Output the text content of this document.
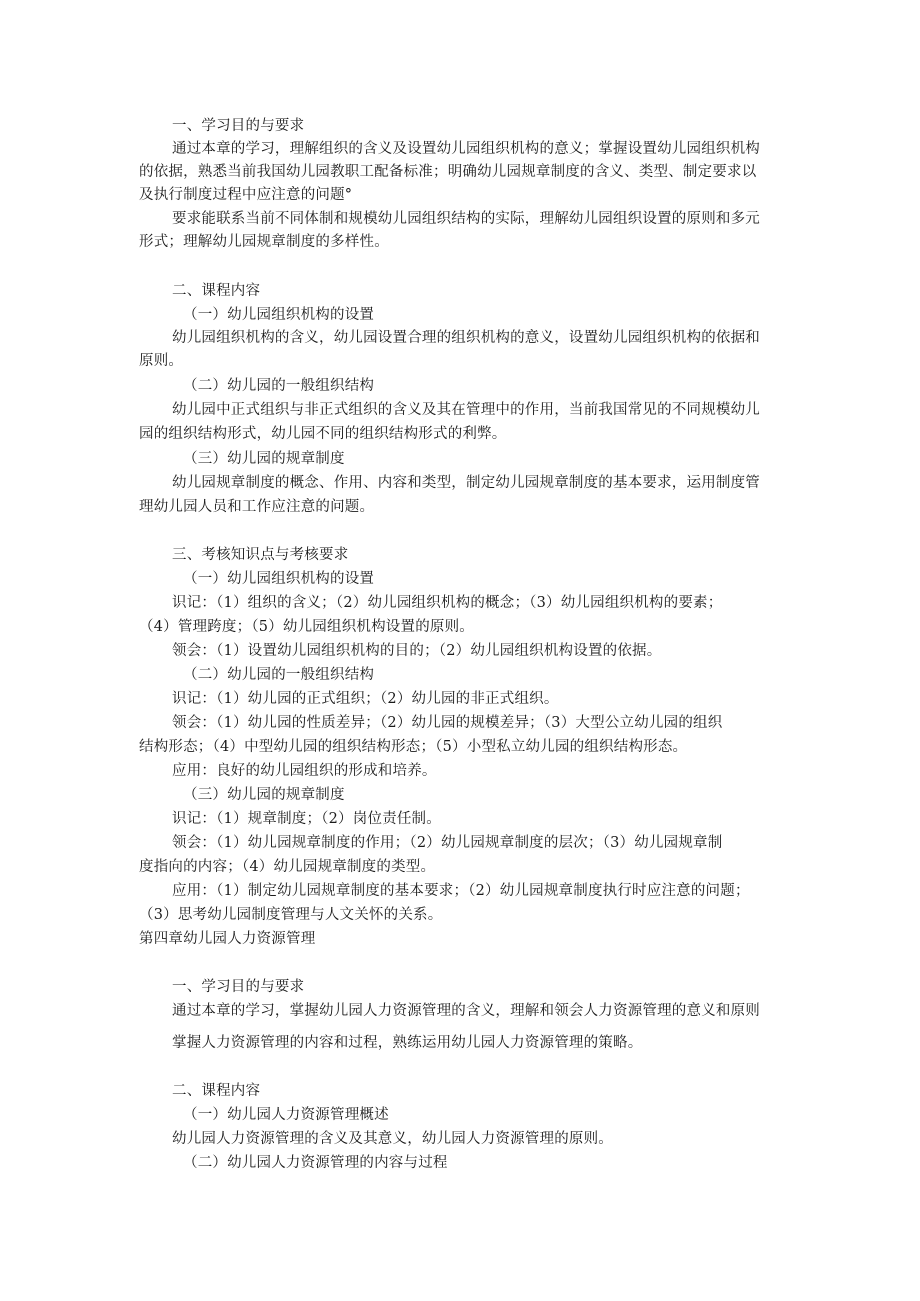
一、学习目的与要求
通过本章的学习，理解组织的含义及设置幼儿园组织机构的意义；掌握设置幼儿园组织机构
的依据，熟悉当前我国幼儿园教职工配备标准；明确幼儿园规章制度的含义、类型、制定要求以
及执行制度过程中应注意的问题°
要求能联系当前不同体制和规模幼儿园组织结构的实际，理解幼儿园组织设置的原则和多元
形式；理解幼儿园规章制度的多样性。
二、课程内容
（一）幼儿园组织机构的设置
幼儿园组织机构的含义，幼儿园设置合理的组织机构的意义，设置幼儿园组织机构的依据和
原则。
（二）幼儿园的一般组织结构
幼儿园中正式组织与非正式组织的含义及其在管理中的作用，当前我国常见的不同规模幼儿
园的组织结构形式，幼儿园不同的组织结构形式的利弊。
（三）幼儿园的规章制度
幼儿园规章制度的概念、作用、内容和类型，制定幼儿园规章制度的基本要求，运用制度管
理幼儿园人员和工作应注意的问题。
三、考核知识点与考核要求
（一）幼儿园组织机构的设置
识记：（1）组织的含义；（2）幼儿园组织机构的概念；（3）幼儿园组织机构的要素；
（4）管理跨度；（5）幼儿园组织机构设置的原则。
领会：（1）设置幼儿园组织机构的目的；（2）幼儿园组织机构设置的依据。
（二）幼儿园的一般组织结构
识记：（1）幼儿园的正式组织；（2）幼儿园的非正式组织。
领会：（1）幼儿园的性质差异；（2）幼儿园的规模差异；（3）大型公立幼儿园的组织
结构形态；（4）中型幼儿园的组织结构形态；（5）小型私立幼儿园的组织结构形态。
应用：良好的幼儿园组织的形成和培养。
（三）幼儿园的规章制度
识记：（1）规章制度；（2）岗位责任制。
领会：（1）幼儿园规章制度的作用；（2）幼儿园规章制度的层次；（3）幼儿园规章制
度指向的内容；（4）幼儿园规章制度的类型。
应用：（1）制定幼儿园规章制度的基本要求；（2）幼儿园规章制度执行时应注意的问题；
（3）思考幼儿园制度管理与人文关怀的关系。
第四章幼儿园人力资源管理
一、学习目的与要求
通过本章的学习，掌握幼儿园人力资源管理的含义，理解和领会人力资源管理的意义和原则
掌握人力资源管理的内容和过程，熟练运用幼儿园人力资源管理的策略。
二、课程内容
（一）幼儿园人力资源管理概述
幼儿园人力资源管理的含义及其意义，幼儿园人力资源管理的原则。
（二）幼儿园人力资源管理的内容与过程
